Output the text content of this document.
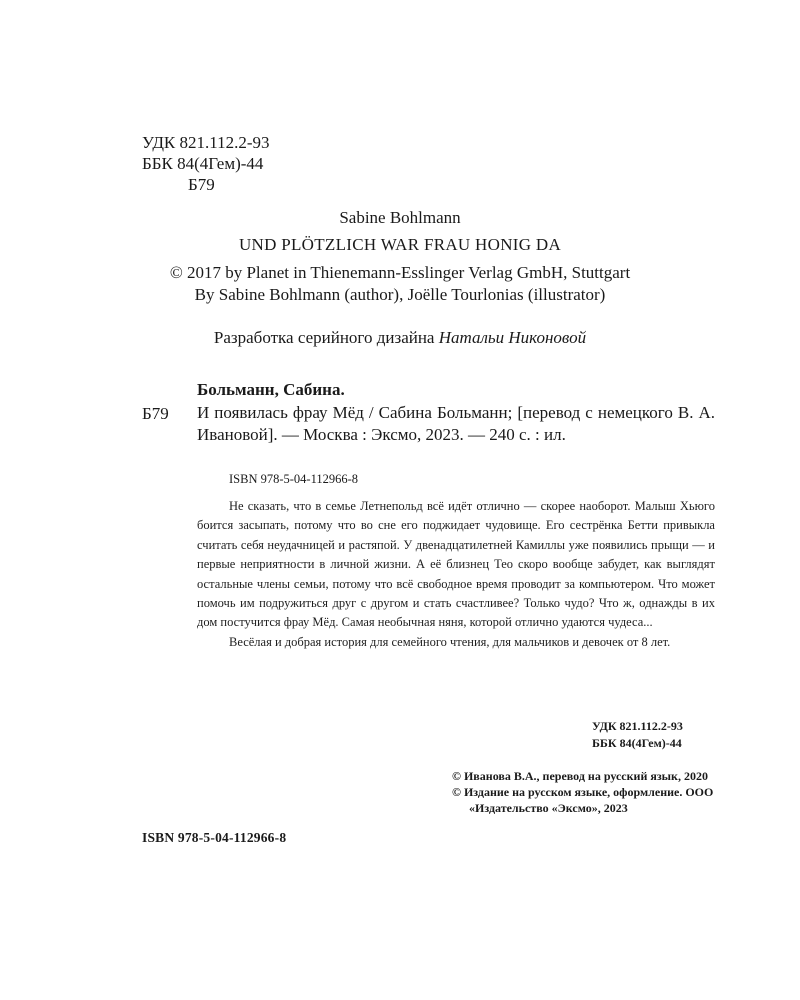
УДК 821.112.2-93
ББК 84(4Гем)-44
Б79
Sabine Bohlmann
UND PLÖTZLICH WAR FRAU HONIG DA
© 2017 by Planet in Thienemann-Esslinger Verlag GmbH, Stuttgart
By Sabine Bohlmann (author), Joëlle Tourlonias (illustrator)
Разработка серийного дизайна Натальи Никоновой
Больманн, Сабина.
Б79 И появилась фрау Мёд / Сабина Больманн; [перевод с немецкого В. А. Ивановой]. — Москва : Эксмо, 2023. — 240 с. : ил.
ISBN 978-5-04-112966-8

Не сказать, что в семье Летнепольд всё идёт отлично — скорее наоборот. Малыш Хьюго боится засыпать, потому что во сне его поджидает чудовище. Его сестрёнка Бетти привыкла считать себя неудачницей и растяпой. У двенадцатилетней Камиллы уже появились прыщи — и первые неприятности в личной жизни. А её близнец Тео скоро вообще забудет, как выглядят остальные члены семьи, потому что всё свободное время проводит за компьютером. Что может помочь им подружиться друг с другом и стать счастливее? Только чудо? Что ж, однажды в их дом постучится фрау Мёд. Самая необычная няня, которой отлично удаются чудеса...

Весёлая и добрая история для семейного чтения, для мальчиков и девочек от 8 лет.

УДК 821.112.2-93
ББК 84(4Гем)-44
© Иванова В.А., перевод на русский язык, 2020
© Издание на русском языке, оформление. ООО «Издательство «Эксмо», 2023
ISBN 978-5-04-112966-8
